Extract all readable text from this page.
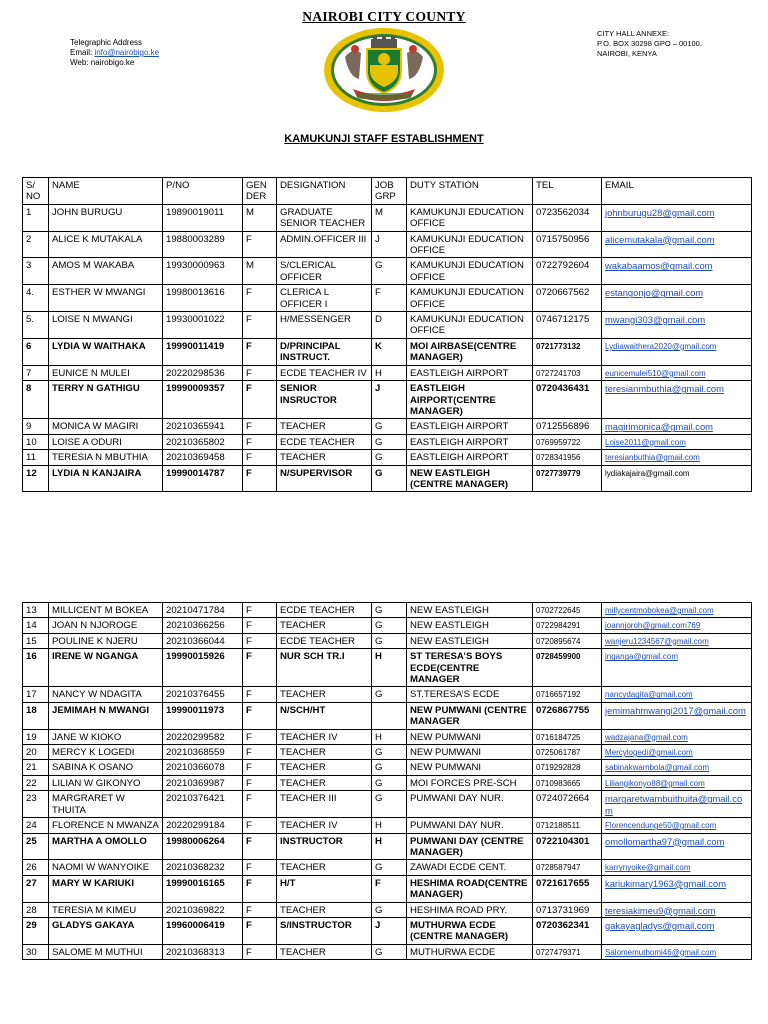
NAIROBI CITY COUNTY
Telegraphic Address
Email: info@nairobigo.ke
Web: nairobigo.ke
CITY HALL ANNEXE:
P.O. BOX 30298 GPO – 00100.
NAIROBI, KENYA
KAMUKUNJI STAFF ESTABLISHMENT
S/ NO	NAME	P/NO	GEN DER	DESIGNATION	JOB GRP	DUTY STATION	TEL	EMAIL
1	JOHN BURUGU	19890019011	M	GRADUATE SENIOR TEACHER	M	KAMUKUNJI EDUCATION OFFICE	0723562034	johnburugu28@gmail.com
2	ALICE K MUTAKALA	19880003289	F	ADMIN.OFFICER III	J	KAMUKUNJI EDUCATION OFFICE	0715750956	alicemutakala@gmail.com
3	AMOS M WAKABA	19930000963	M	S/CLERICAL OFFICER	G	KAMUKUNJI EDUCATION OFFICE	0722792604	wakabaamos@gmail.com
4.	ESTHER W MWANGI	19980013616	F	CLERICA L OFFICER I	F	KAMUKUNJI EDUCATION OFFICE	0720667562	estangonjo@gmail.com
5.	LOISE N MWANGI	19930001022	F	H/MESSENGER	D	KAMUKUNJI EDUCATION OFFICE	0746712175	mwangi303@gmail.com
6	LYDIA W WAITHAKA	19990011419	F	D/PRINCIPAL INSTRUCT.	K	MOI AIRBASE(CENTRE MANAGER)	0721773132	Lydiawaithera2020@gmail.com
7	EUNICE N MULEI	20220298536	F	ECDE TEACHER IV	H	EASTLEIGH AIRPORT	0727241703	eunicemulei510@gmail.com
8	TERRY N GATHIGU	19990009357	F	SENIOR INSRUCTOR	J	EASTLEIGH AIRPORT(CENTRE MANAGER)	0720436431	teresianmbuthia@gmail.com
9	MONICA W MAGIRI	20210365941	F	TEACHER	G	EASTLEIGH AIRPORT	0712556896	magirimonica@gmail.com
10	LOISE A ODURI	20210365802	F	ECDE TEACHER	G	EASTLEIGH AIRPORT	0769959722	Loise2011@gmail.com
11	TERESIA N MBUTHIA	20210369458	F	TEACHER	G	EASTLEIGH AIRPORT	0728341956	teresianbuthia@gmail.com
12	LYDIA N KANJAIRA	19990014787	F	N/SUPERVISOR	G	NEW EASTLEIGH (CENTRE MANAGER)	0727739779	lydiakajaira@gmail.com
13	MILLICENT M BOKEA	20210471784	F	ECDE TEACHER	G	NEW EASTLEIGH	0702722645	millycentmobokea@gmail.com
14	JOAN N NJOROGE	20210366256	F	TEACHER	G	NEW EASTLEIGH	0722984291	joannjoroh@gmail.com769
15	POULINE K NJERU	20210366044	F	ECDE TEACHER	G	NEW EASTLEIGH	0720895674	wanjeru1234567@gmail.com
16	IRENE W NGANGA	19990015926	F	NUR SCH TR.I	H	ST TERESA’S BOYS ECDE(CENTRE MANAGER	0728459900	inganga@gmail.com
17	NANCY W NDAGITA	20210376455	F	TEACHER	G	ST.TERESA’S ECDE	0716657192	nancydagita@gmail.com
18	JEMIMAH N MWANGI	19990011973	F	N/SCH/HT		NEW PUMWANI (CENTRE MANAGER	0726867755	jemimahmwangi2017@gmail.com
19	JANE W KIOKO	20220299582	F	TEACHER IV	H	NEW PUMWANI	0716184725	wadzajana@gmail.com
20	MERCY K LOGEDI	20210368559	F	TEACHER	G	NEW PUMWANI	0725061787	Mercylogedi@gmail.com
21	SABINA K OSANO	20210366078	F	TEACHER	G	NEW PUMWANI	0719292828	sabinakwambola@gmail.com
22	LILIAN W GIKONYO	20210369987	F	TEACHER	G	MOI FORCES PRE-SCH	0710983665	Liliangikonyo88@gmail.com
23	MARGRARET W THUITA	20210376421	F	TEACHER III	G	PUMWANI DAY NUR.	0724072664	margaretwambuithuita@gmail.com
24	FLORENCE N MWANZA	20220299184	F	TEACHER IV	H	PUMWANI DAY NUR.	0712188511	Florencendunge50@gmail.com
25	MARTHA A OMOLLO	19980006264	F	INSTRUCTOR	H	PUMWANI DAY (CENTRE MANAGER)	0722104301	omollomartha97@gmail.com
26	NAOMI W WANYOIKE	20210368232	F	TEACHER	G	ZAWADI ECDE CENT.	0728587947	karrynyoike@gmail.com
27	MARY W KARIUKI	19990016165	F	H/T	F	HESHIMA ROAD(CENTRE MANAGER)	0721617655	kariukimary1963@gmail.com
28	TERESIA M KIMEU	20210369822	F	TEACHER	G	HESHIMA ROAD PRY.	0713731969	teresiakimeu9@gmail.com
29	GLADYS GAKAYA	19960006419	F	S/INSTRUCTOR	J	MUTHURWA ECDE (CENTRE MANAGER)	0720362341	gakayagladys@gmail.com
30	SALOME M MUTHUI	20210368313	F	TEACHER	G	MUTHURWA ECDE	0727479371	Salomemuthomi46@gmail.com
